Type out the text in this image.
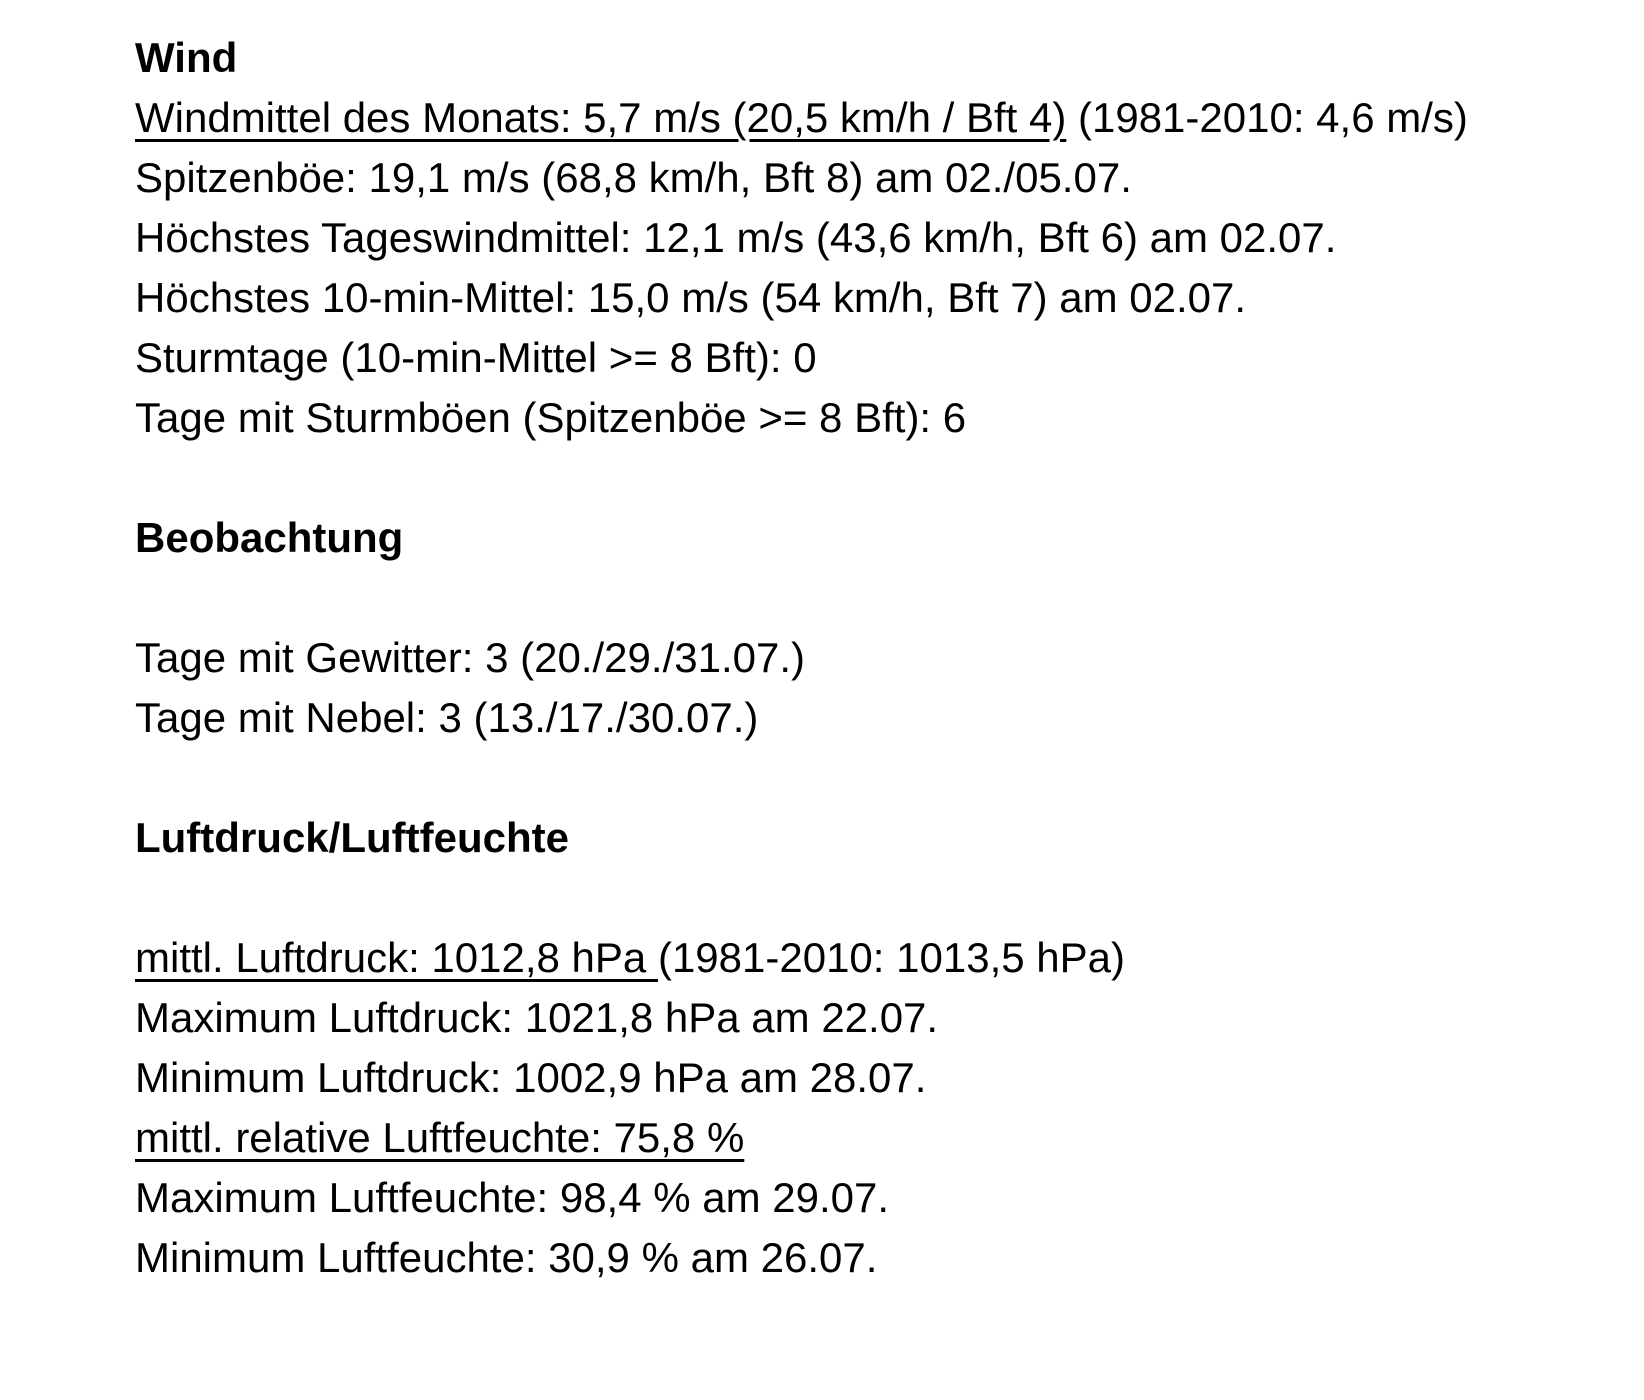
Wind
Windmittel des Monats: 5,7 m/s (20,5 km/h / Bft 4) (1981-2010: 4,6 m/s)
Spitzenböe: 19,1 m/s (68,8 km/h, Bft 8) am 02./05.07.
Höchstes Tageswindmittel: 12,1 m/s (43,6 km/h, Bft 6) am 02.07.
Höchstes 10-min-Mittel: 15,0 m/s (54 km/h, Bft 7) am 02.07.
Sturmtage (10-min-Mittel >= 8 Bft): 0
Tage mit Sturmböen (Spitzenböe >= 8 Bft): 6
Beobachtung
Tage mit Gewitter: 3 (20./29./31.07.)
Tage mit Nebel: 3 (13./17./30.07.)
Luftdruck/Luftfeuchte
mittl. Luftdruck: 1012,8 hPa (1981-2010: 1013,5 hPa)
Maximum Luftdruck: 1021,8 hPa am 22.07.
Minimum Luftdruck: 1002,9 hPa am 28.07.
mittl. relative Luftfeuchte: 75,8 %
Maximum Luftfeuchte: 98,4 % am 29.07.
Minimum Luftfeuchte: 30,9 % am 26.07.
